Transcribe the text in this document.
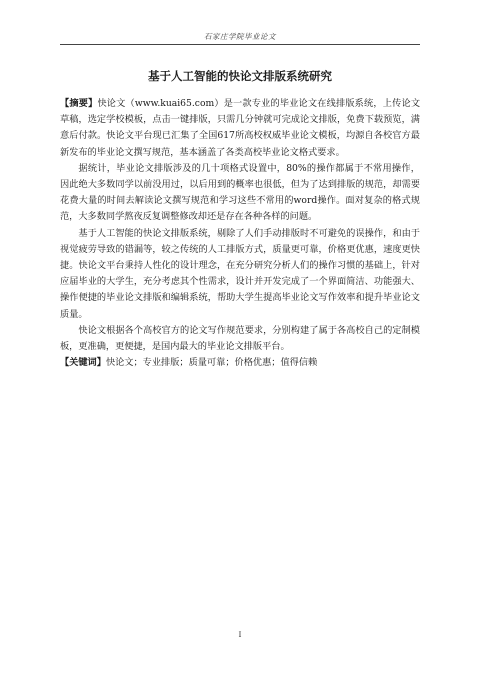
石家庄学院毕业论文
基于人工智能的快论文排版系统研究

【摘要】快论文（www.kuai65.com）是一款专业的毕业论文在线排版系统，上传论文草稿，选定学校模板，点击一键排版，只需几分钟就可完成论文排版，免费下载预览，满意后付款。快论文平台现已汇集了全国617所高校权威毕业论文模板，均源自各校官方最新发布的毕业论文撰写规范，基本涵盖了各类高校毕业论文格式要求。

据统计，毕业论文排版涉及的几十项格式设置中，80%的操作都属于不常用操作，因此绝大多数同学以前没用过，以后用到的概率也很低，但为了达到排版的规范，却需要花费大量的时间去解读论文撰写规范和学习这些不常用的word操作。面对复杂的格式规范，大多数同学熬夜反复调整修改却还是存在各种各样的问题。

基于人工智能的快论文排版系统，剔除了人们手动排版时不可避免的误操作，和由于视觉疲劳导致的错漏等，较之传统的人工排版方式，质量更可靠，价格更优惠，速度更快捷。快论文平台秉持人性化的设计理念，在充分研究分析人们的操作习惯的基础上，针对应届毕业的大学生，充分考虑其个性需求，设计并开发完成了一个界面简洁、功能强大、操作便捷的毕业论文排版和编辑系统，帮助大学生提高毕业论文写作效率和提升毕业论文质量。

快论文根据各个高校官方的论文写作规范要求，分别构建了属于各高校自己的定制模板，更准确，更便捷，是国内最大的毕业论文排版平台。

【关键词】快论文；专业排版；质量可靠；价格优惠；值得信赖

I
